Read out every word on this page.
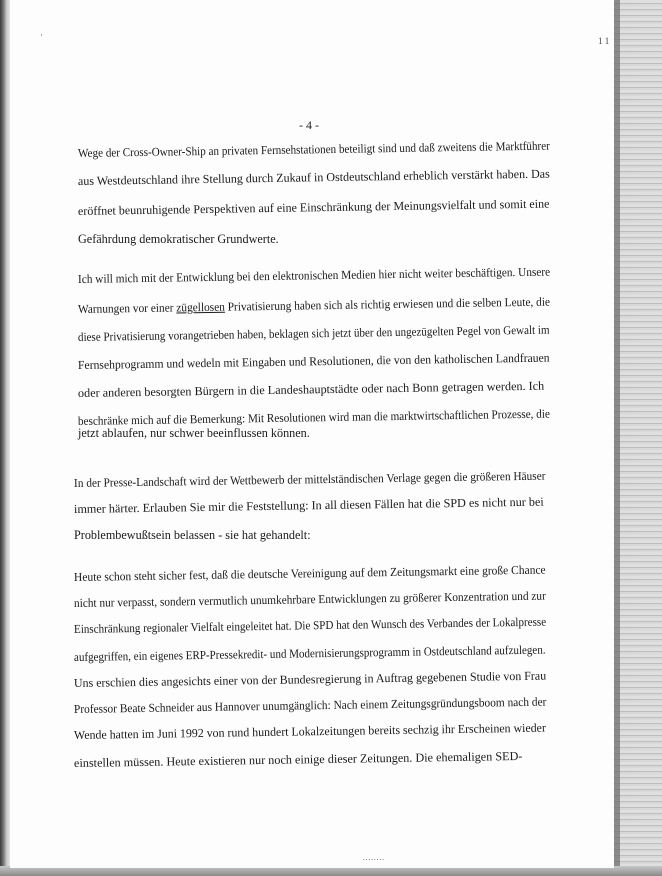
·
1 1
- 4 -
Wege der Cross-Owner-Ship an privaten Fernsehstationen beteiligt sind und daß zweitens die Marktführer
aus Westdeutschland ihre Stellung durch Zukauf in Ostdeutschland erheblich verstärkt haben. Das
eröffnet beunruhigende Perspektiven auf eine Einschränkung der Meinungsvielfalt und somit eine
Gefährdung demokratischer Grundwerte.
Ich will mich mit der Entwicklung bei den elektronischen Medien hier nicht weiter beschäftigen. Unsere
Warnungen vor einer zügellosen Privatisierung haben sich als richtig erwiesen und die selben Leute, die
diese Privatisierung vorangetrieben haben, beklagen sich jetzt über den ungezügelten Pegel von Gewalt im
Fernsehprogramm und wedeln mit Eingaben und Resolutionen, die von den katholischen Landfrauen
oder anderen besorgten Bürgern in die Landeshauptstädte oder nach Bonn getragen werden. Ich
beschränke mich auf die Bemerkung: Mit Resolutionen wird man die marktwirtschaftlichen Prozesse, die
jetzt ablaufen, nur schwer beeinflussen können.
In der Presse-Landschaft wird der Wettbewerb der mittelständischen Verlage gegen die größeren Häuser
immer härter. Erlauben Sie mir die Feststellung: In all diesen Fällen hat die SPD es nicht nur bei
Problembewußtsein belassen - sie hat gehandelt:
Heute schon steht sicher fest, daß die deutsche Vereinigung auf dem Zeitungsmarkt eine große Chance
nicht nur verpasst, sondern vermutlich unumkehrbare Entwicklungen zu größerer Konzentration und zur
Einschränkung regionaler Vielfalt eingeleitet hat. Die SPD hat den Wunsch des Verbandes der Lokalpresse
aufgegriffen, ein eigenes ERP-Pressekredit- und Modernisierungsprogramm in Ostdeutschland aufzulegen.
Uns erschien dies angesichts einer von der Bundesregierung in Auftrag gegebenen Studie von Frau
Professor Beate Schneider aus Hannover unumgänglich: Nach einem Zeitungsgründungsboom nach der
Wende hatten im Juni 1992 von rund hundert Lokalzeitungen bereits sechzig ihr Erscheinen wieder
einstellen müssen. Heute existieren nur noch einige dieser Zeitungen. Die ehemaligen SED-
........
